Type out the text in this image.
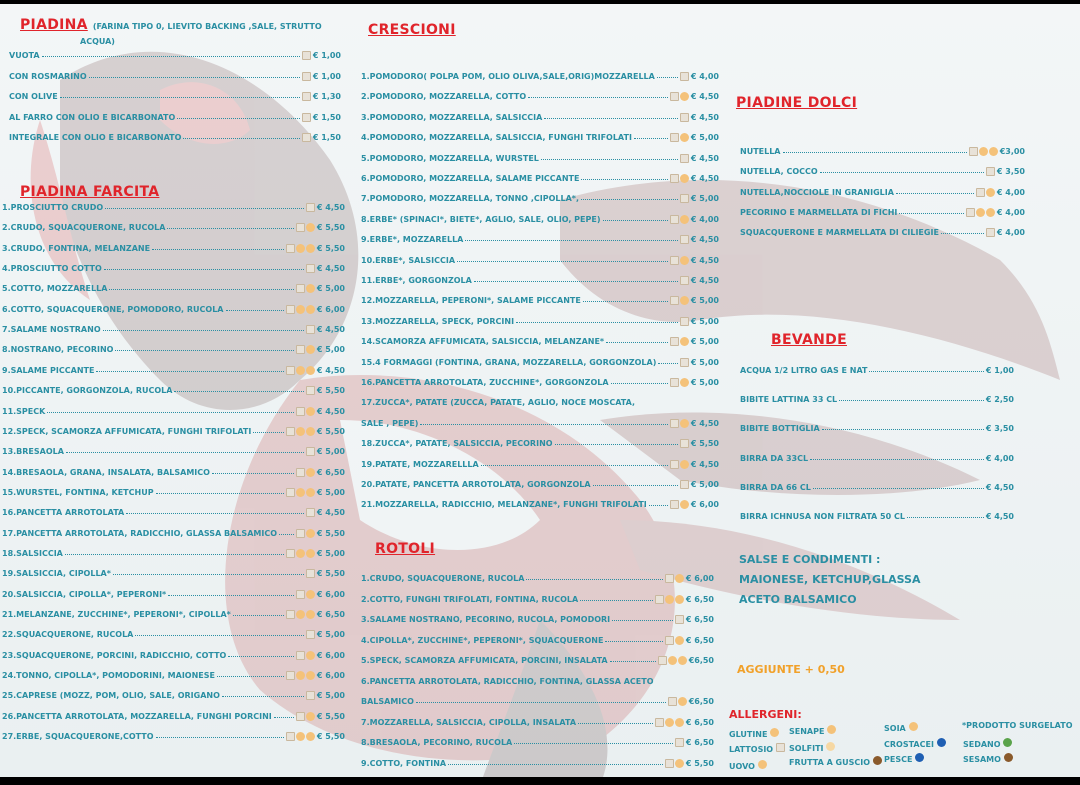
PIADINA (FARINA TIPO 0, LIEVITO BACKING ,SALE, STRUTTO
ACQUA)
VUOTA	€ 1,00
CON ROSMARINO	€ 1,00
CON OLIVE	€ 1,30
AL FARRO CON OLIO E BICARBONATO	€ 1,50
INTEGRALE CON OLIO E BICARBONATO	€ 1,50
PIADINA FARCITA
1.PROSCIUTTO CRUDO	€ 4,50
2.CRUDO, SQUACQUERONE, RUCOLA	€ 5,50
3.CRUDO, FONTINA, MELANZANE	€ 5,50
4.PROSCIUTTO COTTO	€ 4,50
5.COTTO, MOZZARELLA	€ 5,00
6.COTTO, SQUACQUERONE, POMODORO, RUCOLA	€ 6,00
7.SALAME NOSTRANO	€ 4,50
8.NOSTRANO, PECORINO	€ 5,00
9.SALAME PICCANTE	€ 4,50
10.PICCANTE, GORGONZOLA, RUCOLA	€ 5,50
11.SPECK	€ 4,50
12.SPECK, SCAMORZA AFFUMICATA, FUNGHI TRIFOLATI	€ 5,50
13.BRESAOLA	€ 5,00
14.BRESAOLA, GRANA, INSALATA, BALSAMICO	€ 6,50
15.WURSTEL, FONTINA, KETCHUP	€ 5,00
16.PANCETTA ARROTOLATA	€ 4,50
17.PANCETTA ARROTOLATA, RADICCHIO, GLASSA BALSAMICO	€ 5,50
18.SALSICCIA	€ 5,00
19.SALSICCIA, CIPOLLA*	€ 5,50
20.SALSICCIA, CIPOLLA*, PEPERONI*	€ 6,00
21.MELANZANE, ZUCCHINE*, PEPERONI*, CIPOLLA*	€ 6,50
22.SQUACQUERONE, RUCOLA	€ 5,00
23.SQUACQUERONE, PORCINI, RADICCHIO, COTTO	€ 6,00
24.TONNO, CIPOLLA*, POMODORINI, MAIONESE	€ 6,00
25.CAPRESE (MOZZ, POM, OLIO, SALE, ORIGANO	€ 5,00
26.PANCETTA ARROTOLATA, MOZZARELLA, FUNGHI PORCINI	€ 5,50
27.ERBE, SQUACQUERONE,COTTO	€ 5,50
CRESCIONI
1.POMODORO( POLPA POM, OLIO OLIVA,SALE,ORIG)MOZZARELLA	€ 4,00
2.POMODORO, MOZZARELLA, COTTO	€ 4,50
3.POMODORO, MOZZARELLA, SALSICCIA	€ 4,50
4.POMODORO, MOZZARELLA, SALSICCIA, FUNGHI TRIFOLATI	€ 5,00
5.POMODORO, MOZZARELLA, WURSTEL	€ 4,50
6.POMODORO, MOZZARELLA, SALAME PICCANTE	€ 4,50
7.POMODORO, MOZZARELLA, TONNO ,CIPOLLA*,	€ 5,00
8.ERBE* (SPINACI*, BIETE*, AGLIO, SALE, OLIO, PEPE)	€ 4,00
9.ERBE*, MOZZARELLA	€ 4,50
10.ERBE*, SALSICCIA	€ 4,50
11.ERBE*, GORGONZOLA	€ 4,50
12.MOZZARELLA, PEPERONI*, SALAME PICCANTE	€ 5,00
13.MOZZARELLA, SPECK, PORCINI	€ 5,00
14.SCAMORZA AFFUMICATA, SALSICCIA, MELANZANE*	€ 5,00
15.4 FORMAGGI (FONTINA, GRANA, MOZZARELLA, GORGONZOLA)	€ 5,00
16.PANCETTA ARROTOLATA, ZUCCHINE*, GORGONZOLA	€ 5,00
17.ZUCCA*, PATATE (ZUCCA, PATATE, AGLIO, NOCE MOSCATA,
SALE , PEPE)	€ 4,50
18.ZUCCA*, PATATE, SALSICCIA, PECORINO	€ 5,50
19.PATATE, MOZZARELLLA	€ 4,50
20.PATATE, PANCETTA ARROTOLATA, GORGONZOLA	€ 5,00
21.MOZZARELLA, RADICCHIO, MELANZANE*, FUNGHI TRIFOLATI	€ 6,00
ROTOLI
1.CRUDO, SQUACQUERONE, RUCOLA	€ 6,00
2.COTTO, FUNGHI TRIFOLATI, FONTINA, RUCOLA	€ 6,50
3.SALAME NOSTRANO, PECORINO, RUCOLA, POMODORI	€ 6,50
4.CIPOLLA*, ZUCCHINE*, PEPERONI*, SQUACQUERONE	€ 6,50
5.SPECK, SCAMORZA AFFUMICATA, PORCINI, INSALATA	€6,50
6.PANCETTA ARROTOLATA, RADICCHIO, FONTINA, GLASSA ACETO
BALSAMICO	€6,50
7.MOZZARELLA, SALSICCIA, CIPOLLA, INSALATA	€ 6,50
8.BRESAOLA, PECORINO, RUCOLA	€ 6,50
9.COTTO, FONTINA	€ 5,50
PIADINE DOLCI
NUTELLA	€3,00
NUTELLA, COCCO	€ 3,50
NUTELLA,NOCCIOLE IN GRANIGLIA	€ 4,00
PECORINO E MARMELLATA DI FICHI	€ 4,00
SQUACQUERONE E MARMELLATA DI CILIEGIE	€ 4,00
BEVANDE
ACQUA 1/2 LITRO GAS E NAT	€ 1,00
BIBITE LATTINA 33 CL	€ 2,50
BIBITE BOTTIGLIA	€ 3,50
BIRRA DA 33CL	€ 4,00
BIRRA DA 66 CL	€ 4,50
BIRRA ICHNUSA NON FILTRATA 50 CL	€ 4,50
SALSE E CONDIMENTI :
MAIONESE, KETCHUP,GLASSA
ACETO BALSAMICO
AGGIUNTE + 0,50
ALLERGENI:
GLUTINE	SENAPE
LATTOSIO	SOLFITI
UOVO	FRUTTA A GUSCIO
SOIA
CROSTACEI
PESCE
*PRODOTTO SURGELATO
SEDANO
SESAMO
